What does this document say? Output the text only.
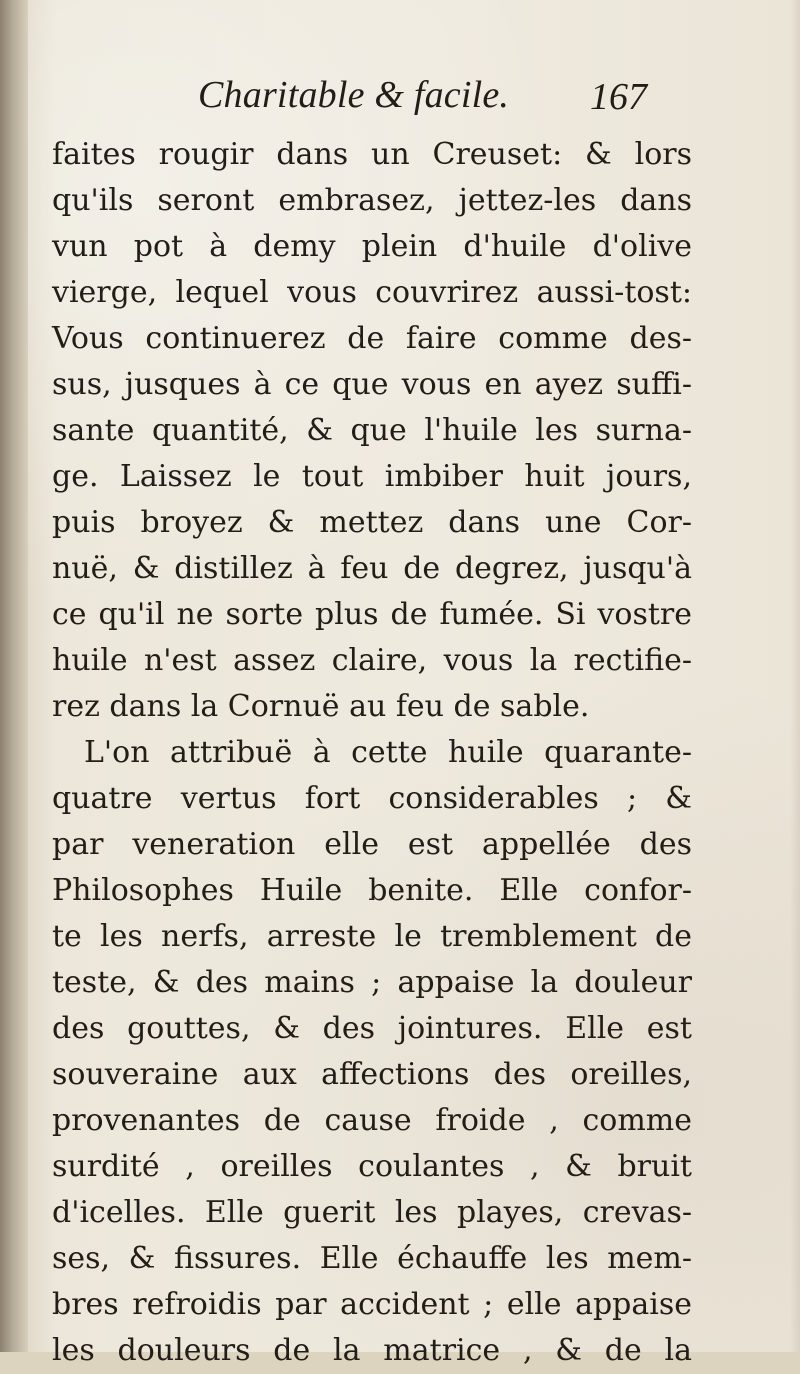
Charitable & facile. 167
faites rougir dans un Creuset: & lors
qu'ils seront embrasez, jettez-les dans
vun pot à demy plein d'huile d'olive
vierge, lequel vous couvrirez aussi-tost:
Vous continuerez de faire comme des-
sus, jusques à ce que vous en ayez suffi-
sante quantité, & que l'huile les surna-
ge. Laissez le tout imbiber huit jours,
puis broyez & mettez dans une Cor-
nuë, & distillez à feu de degrez, jusqu'à
ce qu'il ne sorte plus de fumée. Si vostre
huile n'est assez claire, vous la rectifie-
rez dans la Cornuë au feu de sable.
L'on attribuë à cette huile quarante-
quatre vertus fort considerables ; &
par veneration elle est appellée des
Philosophes Huile benite. Elle confor-
te les nerfs, arreste le tremblement de
teste, & des mains ; appaise la douleur
des gouttes, & des jointures. Elle est
souveraine aux affections des oreilles,
provenantes de cause froide , comme
surdité , oreilles coulantes , & bruit
d'icelles. Elle guerit les playes, crevas-
ses, & fissures. Elle échauffe les mem-
bres refroidis par accident ; elle appaise
les douleurs de la matrice , & de la
